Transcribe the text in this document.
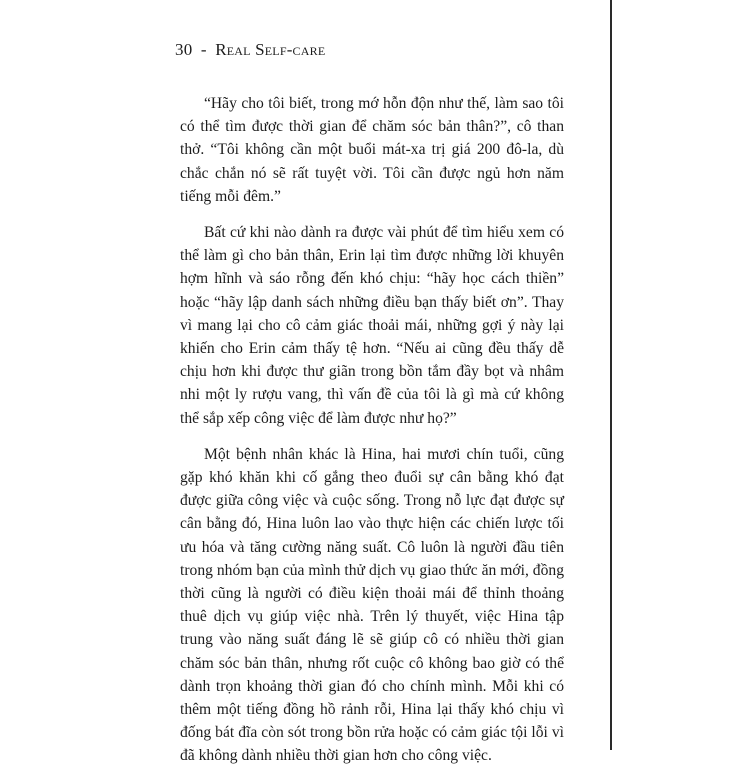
30 - Real Self-care

“Hãy cho tôi biết, trong mớ hỗn độn như thế, làm sao tôi có thể tìm được thời gian để chăm sóc bản thân?”, cô than thở. “Tôi không cần một buổi mát-xa trị giá 200 đô-la, dù chắc chắn nó sẽ rất tuyệt vời. Tôi cần được ngủ hơn năm tiếng mỗi đêm.”

Bất cứ khi nào dành ra được vài phút để tìm hiểu xem có thể làm gì cho bản thân, Erin lại tìm được những lời khuyên hợm hĩnh và sáo rỗng đến khó chịu: “hãy học cách thiền” hoặc “hãy lập danh sách những điều bạn thấy biết ơn”. Thay vì mang lại cho cô cảm giác thoải mái, những gợi ý này lại khiến cho Erin cảm thấy tệ hơn. “Nếu ai cũng đều thấy dễ chịu hơn khi được thư giãn trong bồn tắm đầy bọt và nhâm nhi một ly rượu vang, thì vấn đề của tôi là gì mà cứ không thể sắp xếp công việc để làm được như họ?”

Một bệnh nhân khác là Hina, hai mươi chín tuổi, cũng gặp khó khăn khi cố gắng theo đuổi sự cân bằng khó đạt được giữa công việc và cuộc sống. Trong nỗ lực đạt được sự cân bằng đó, Hina luôn lao vào thực hiện các chiến lược tối ưu hóa và tăng cường năng suất. Cô luôn là người đầu tiên trong nhóm bạn của mình thử dịch vụ giao thức ăn mới, đồng thời cũng là người có điều kiện thoải mái để thỉnh thoảng thuê dịch vụ giúp việc nhà. Trên lý thuyết, việc Hina tập trung vào năng suất đáng lẽ sẽ giúp cô có nhiều thời gian chăm sóc bản thân, nhưng rốt cuộc cô không bao giờ có thể dành trọn khoảng thời gian đó cho chính mình. Mỗi khi có thêm một tiếng đồng hồ rảnh rỗi, Hina lại thấy khó chịu vì đống bát đĩa còn sót trong bồn rửa hoặc có cảm giác tội lỗi vì đã không dành nhiều thời gian hơn cho công việc.
